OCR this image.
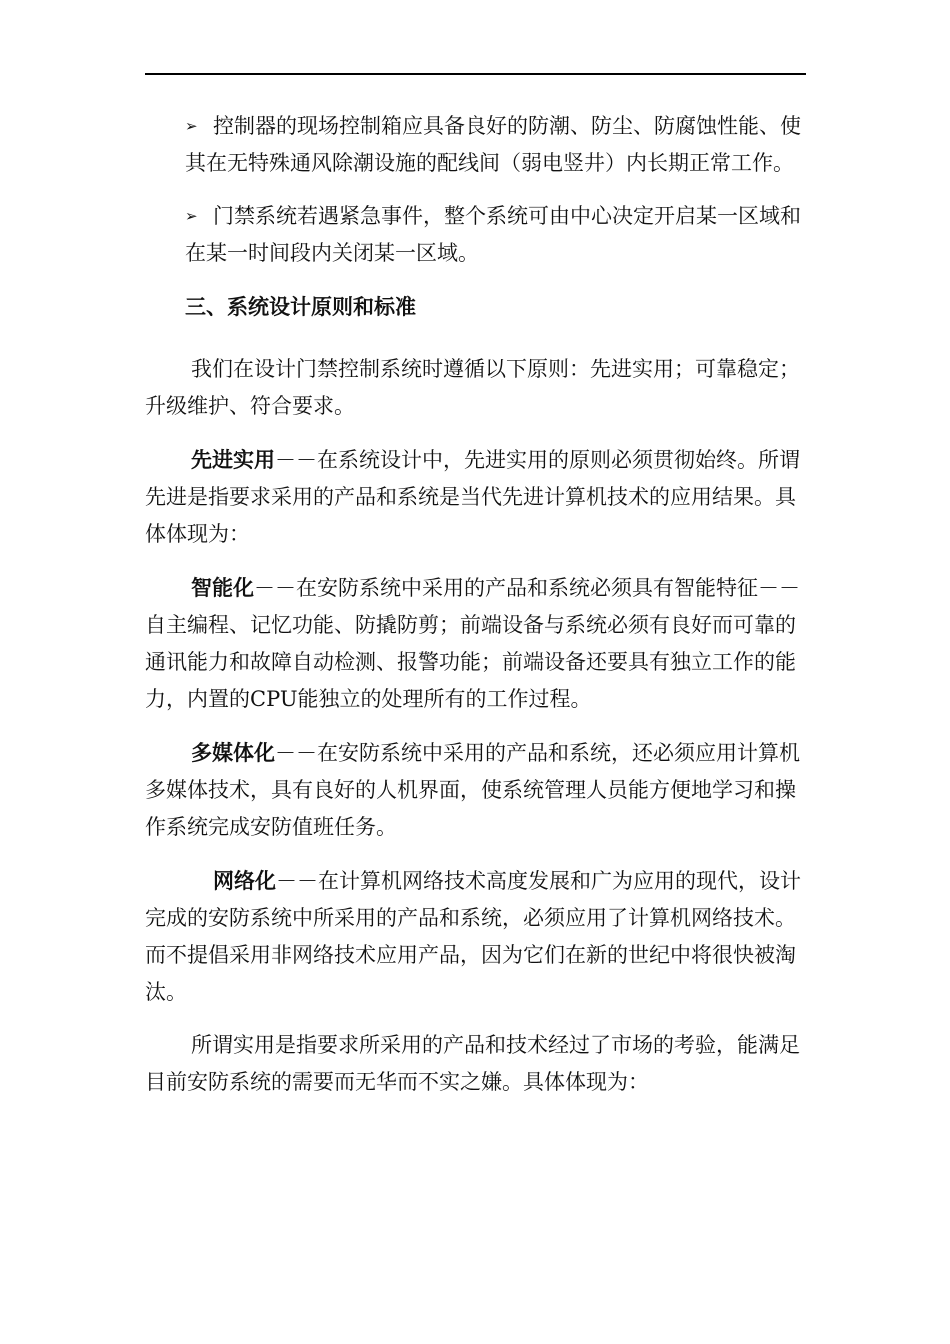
➢ 控制器的现场控制箱应具备良好的防潮、防尘、防腐蚀性能、使其在无特殊通风除潮设施的配线间（弱电竖井）内长期正常工作。
➢ 门禁系统若遇紧急事件，整个系统可由中心决定开启某一区域和在某一时间段内关闭某一区域。
三、系统设计原则和标准
我们在设计门禁控制系统时遵循以下原则：先进实用；可靠稳定；升级维护、符合要求。
先进实用－－在系统设计中，先进实用的原则必须贯彻始终。所谓先进是指要求采用的产品和系统是当代先进计算机技术的应用结果。具体体现为：
智能化－－在安防系统中采用的产品和系统必须具有智能特征－－自主编程、记忆功能、防撬防剪；前端设备与系统必须有良好而可靠的通讯能力和故障自动检测、报警功能；前端设备还要具有独立工作的能力，内置的CPU能独立的处理所有的工作过程。
多媒体化－－在安防系统中采用的产品和系统，还必须应用计算机多媒体技术，具有良好的人机界面，使系统管理人员能方便地学习和操作系统完成安防值班任务。
网络化－－在计算机网络技术高度发展和广为应用的现代，设计完成的安防系统中所采用的产品和系统，必须应用了计算机网络技术。而不提倡采用非网络技术应用产品，因为它们在新的世纪中将很快被淘汰。
所谓实用是指要求所采用的产品和技术经过了市场的考验，能满足目前安防系统的需要而无华而不实之嫌。具体体现为：
